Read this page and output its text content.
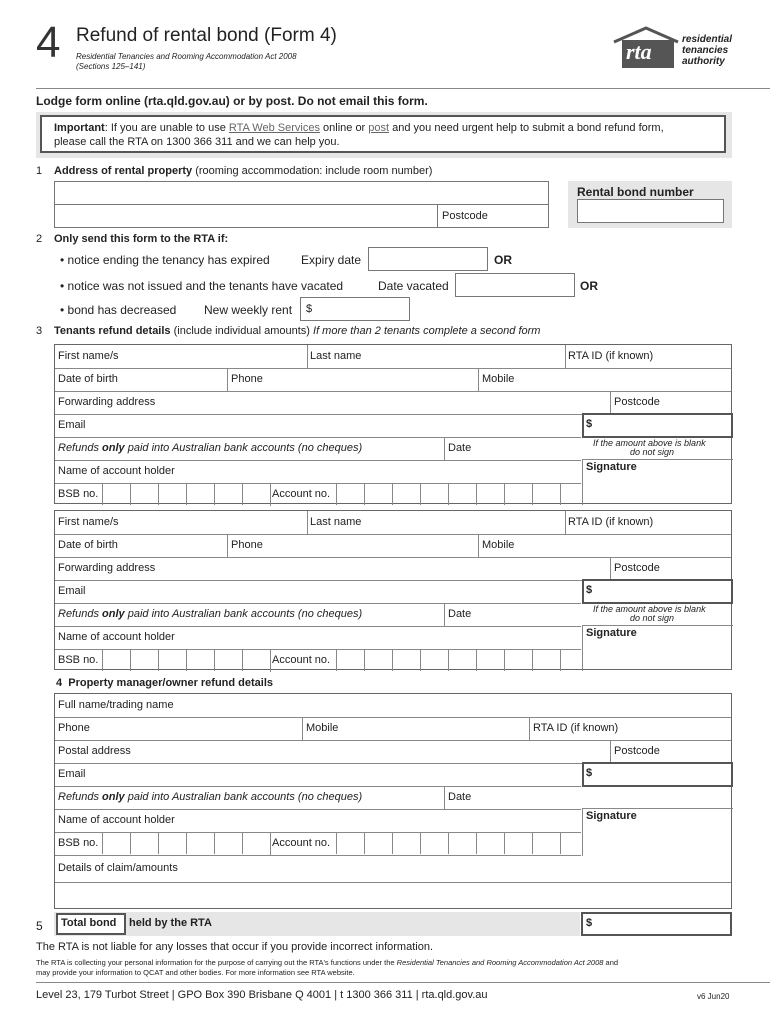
4 Refund of rental bond (Form 4)
Residential Tenancies and Rooming Accommodation Act 2008
(Sections 125–141)
rta	residential
tenancies
authority
Lodge form online (rta.qld.gov.au) or by post. Do not email this form.
Important: If you are unable to use RTA Web Services online or post and you need urgent help to submit a bond refund form,
please call the RTA on 1300 366 311 and we can help you.
1 Address of rental property (rooming accommodation: include room number)
Postcode
Rental bond number
2 Only send this form to the RTA if:
• notice ending the tenancy has expired	Expiry date	OR
• notice was not issued and the tenants have vacated	Date vacated	OR
• bond has decreased New weekly rent $
3 Tenants refund details (include individual amounts) If more than 2 tenants complete a second form
First name/s	Last name	RTA ID (if known)
Date of birth	Phone	Mobile
Forwarding address	Postcode
Email
Refunds only paid into Australian bank accounts (no cheques)	Date
Name of account holder
BSB no.	Account no.
$
If the amount above is blank
do not sign
Signature
First name/s	Last name	RTA ID (if known)
Date of birth	Phone	Mobile
Forwarding address	Postcode
Email
Refunds only paid into Australian bank accounts (no cheques)	Date
Name of account holder
BSB no.	Account no.
$
If the amount above is blank
do not sign
Signature
4 Property manager/owner refund details
Full name/trading name
Phone	Mobile	RTA ID (if known)
Postal address	Postcode
Email
Refunds only paid into Australian bank accounts (no cheques)	Date
Name of account holder
BSB no.	Account no.
Details of claim/amounts
$
Signature
5 Total bond held by the RTA	$
The RTA is not liable for any losses that occur if you provide incorrect information.
The RTA is collecting your personal information for the purpose of carrying out the RTA's functions under the Residential Tenancies and Rooming Accommodation Act 2008 and
may provide your information to QCAT and other bodies. For more information see RTA website.
Level 23, 179 Turbot Street | GPO Box 390 Brisbane Q 4001 | t 1300 366 311 | rta.qld.gov.au	v6 Jun20
